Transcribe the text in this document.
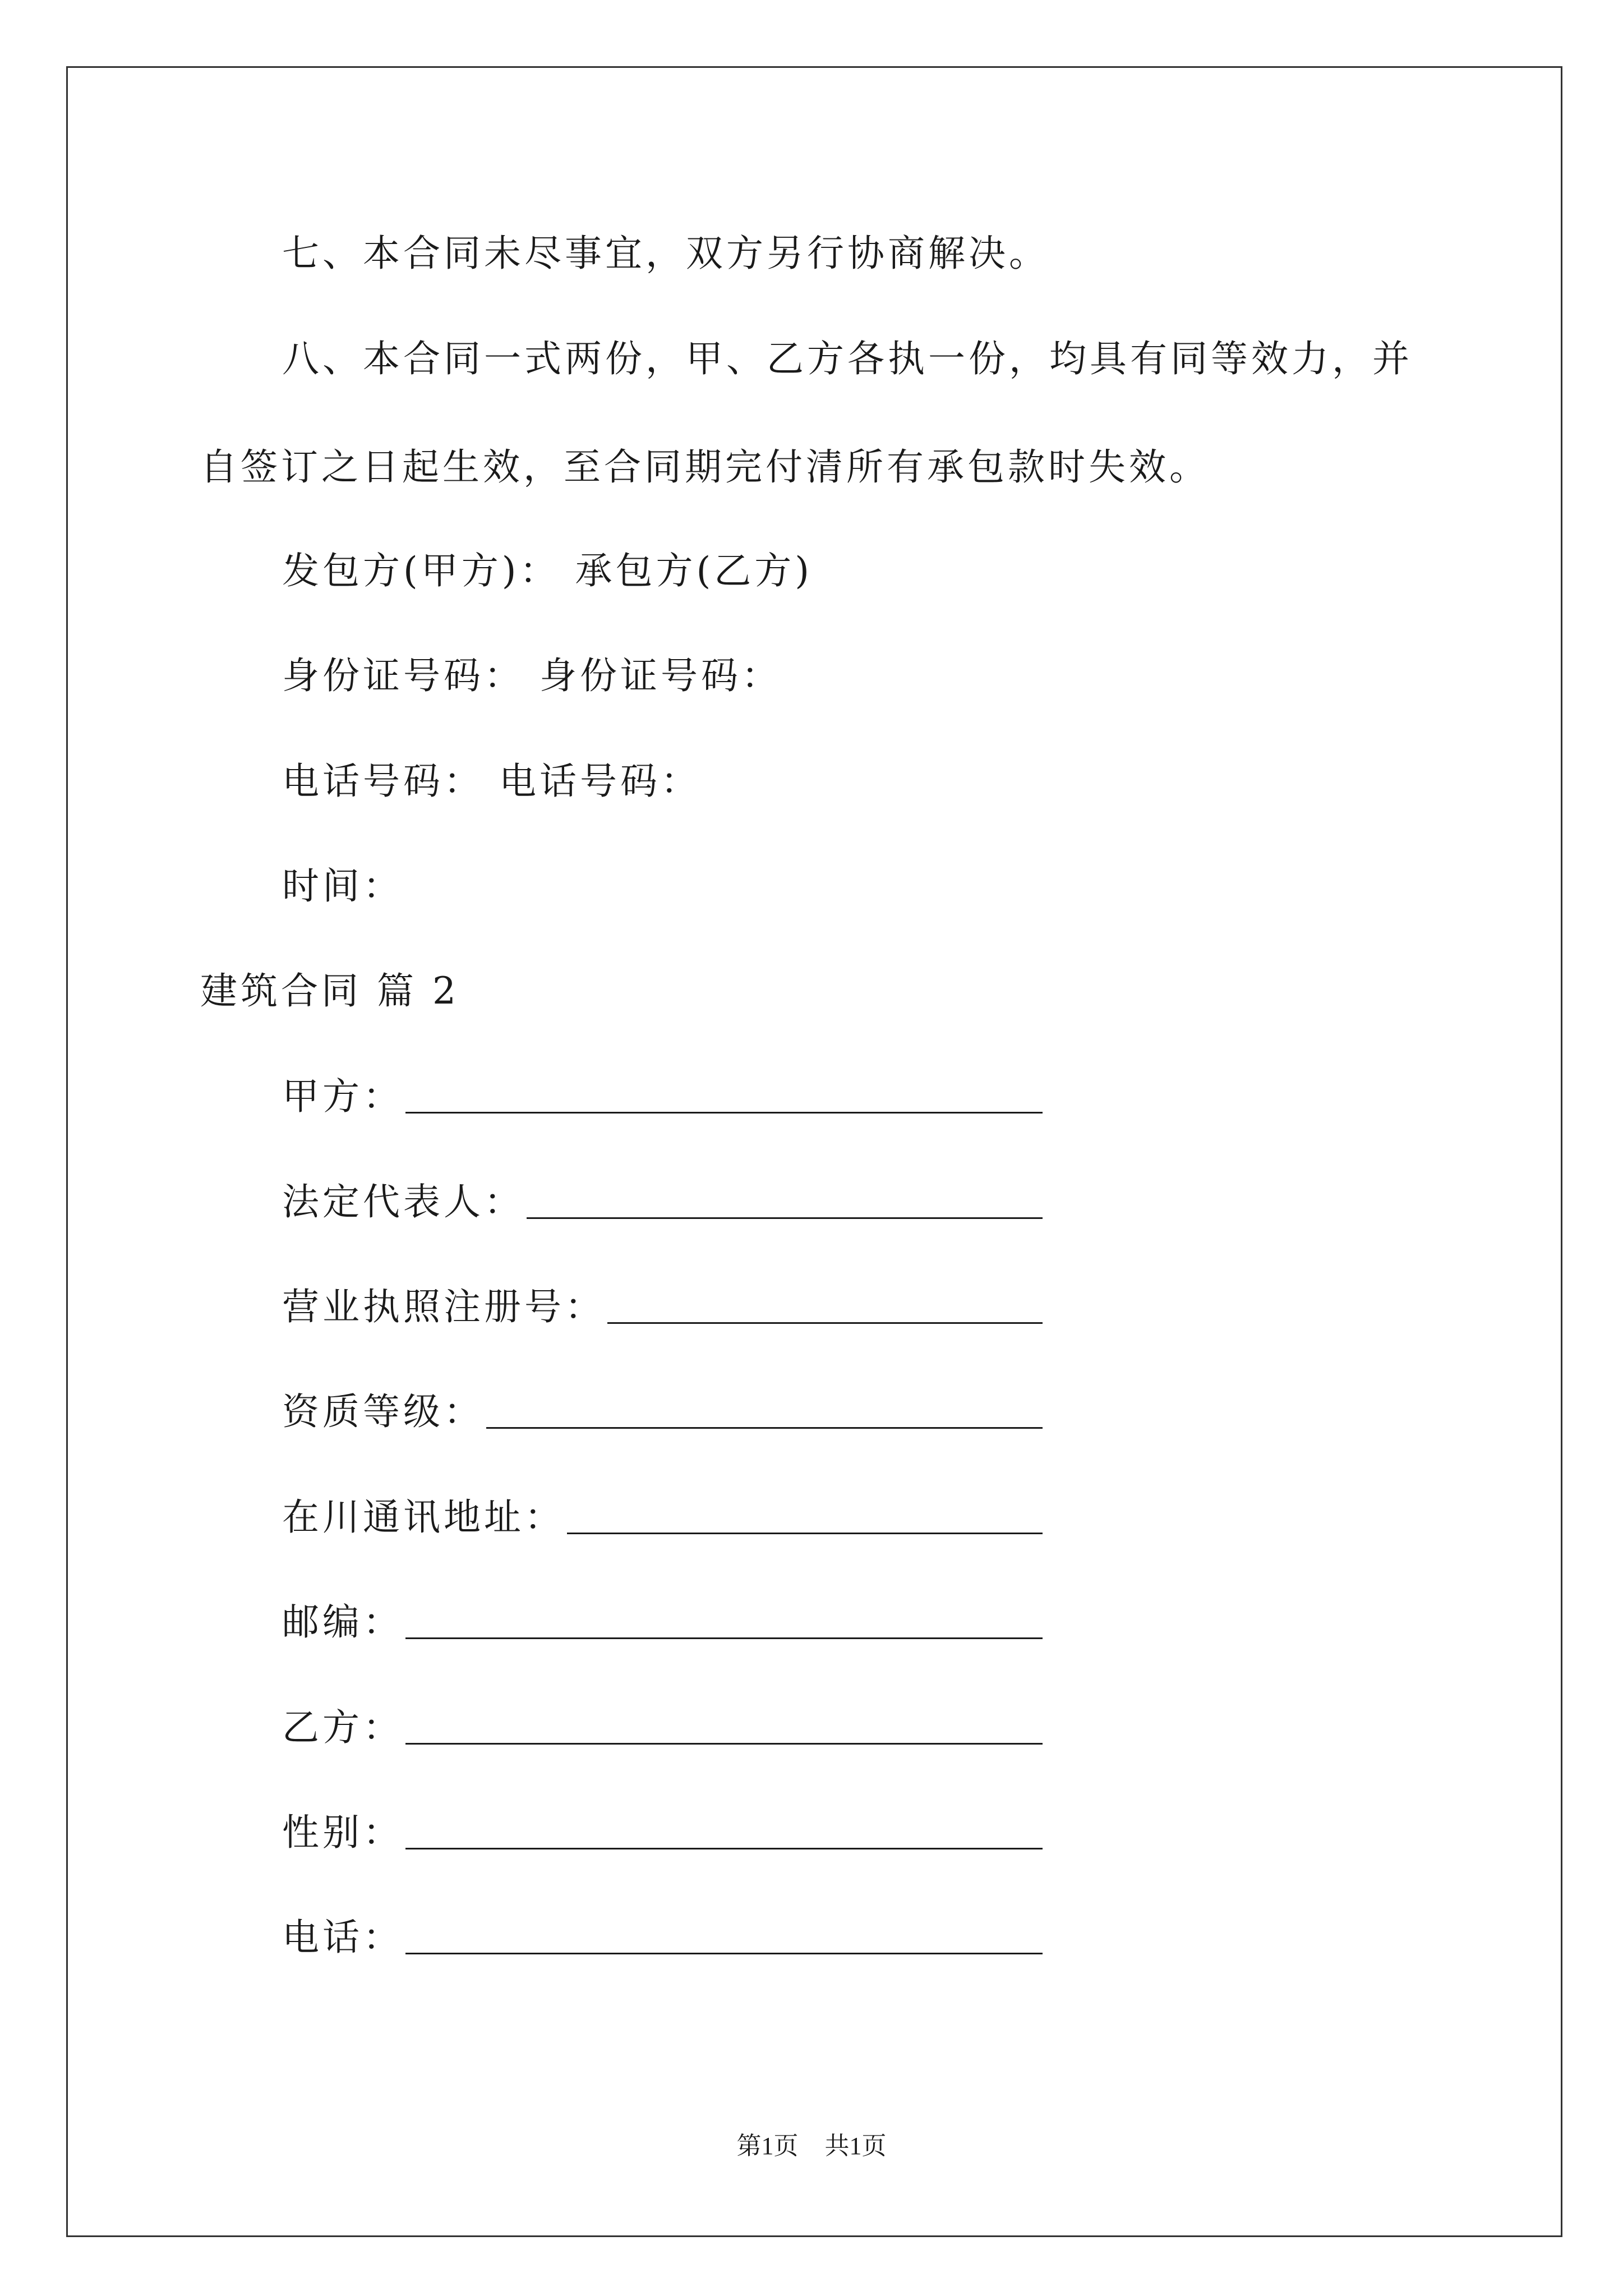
七、本合同未尽事宜，双方另行协商解决。
八、本合同一式两份，甲、乙方各执一份，均具有同等效力，并
自签订之日起生效，至合同期完付清所有承包款时失效。
发包方(甲方)： 承包方(乙方)
身份证号码： 身份证号码：
电话号码： 电话号码：
时间：
建筑合同 篇 2
甲方：
法定代表人：
营业执照注册号：
资质等级：
在川通讯地址：
邮编：
乙方：
性别：
电话：
第1页 共1页
